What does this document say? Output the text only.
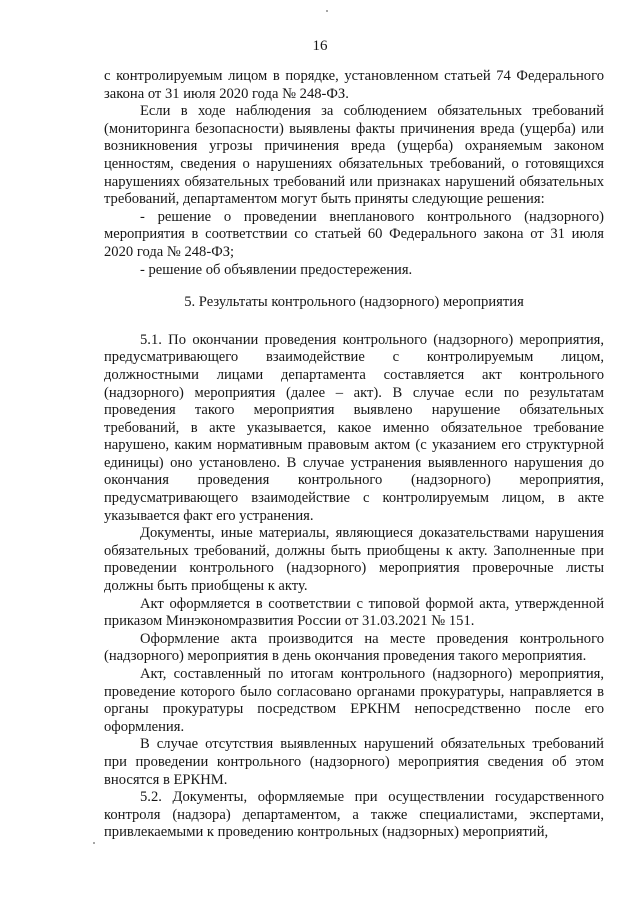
16

с контролируемым лицом в порядке, установленном статьей 74 Федерального закона от 31 июля 2020 года № 248-ФЗ.

Если в ходе наблюдения за соблюдением обязательных требований (мониторинга безопасности) выявлены факты причинения вреда (ущерба) или возникновения угрозы причинения вреда (ущерба) охраняемым законом ценностям, сведения о нарушениях обязательных требований, о готовящихся нарушениях обязательных требований или признаках нарушений обязательных требований, департаментом могут быть приняты следующие решения:

- решение о проведении внепланового контрольного (надзорного) мероприятия в соответствии со статьей 60 Федерального закона от 31 июля 2020 года № 248-ФЗ;

- решение об объявлении предостережения.

5. Результаты контрольного (надзорного) мероприятия

5.1. По окончании проведения контрольного (надзорного) мероприятия, предусматривающего взаимодействие с контролируемым лицом, должностными лицами департамента составляется акт контрольного (надзорного) мероприятия (далее – акт). В случае если по результатам проведения такого мероприятия выявлено нарушение обязательных требований, в акте указывается, какое именно обязательное требование нарушено, каким нормативным правовым актом (с указанием его структурной единицы) оно установлено. В случае устранения выявленного нарушения до окончания проведения контрольного (надзорного) мероприятия, предусматривающего взаимодействие с контролируемым лицом, в акте указывается факт его устранения.

Документы, иные материалы, являющиеся доказательствами нарушения обязательных требований, должны быть приобщены к акту. Заполненные при проведении контрольного (надзорного) мероприятия проверочные листы должны быть приобщены к акту.

Акт оформляется в соответствии с типовой формой акта, утвержденной приказом Минэкономразвития России от 31.03.2021 № 151.

Оформление акта производится на месте проведения контрольного (надзорного) мероприятия в день окончания проведения такого мероприятия.

Акт, составленный по итогам контрольного (надзорного) мероприятия, проведение которого было согласовано органами прокуратуры, направляется в органы прокуратуры посредством ЕРКНМ непосредственно после его оформления.

В случае отсутствия выявленных нарушений обязательных требований при проведении контрольного (надзорного) мероприятия сведения об этом вносятся в ЕРКНМ.

5.2. Документы, оформляемые при осуществлении государственного контроля (надзора) департаментом, а также специалистами, экспертами, привлекаемыми к проведению контрольных (надзорных) мероприятий,
